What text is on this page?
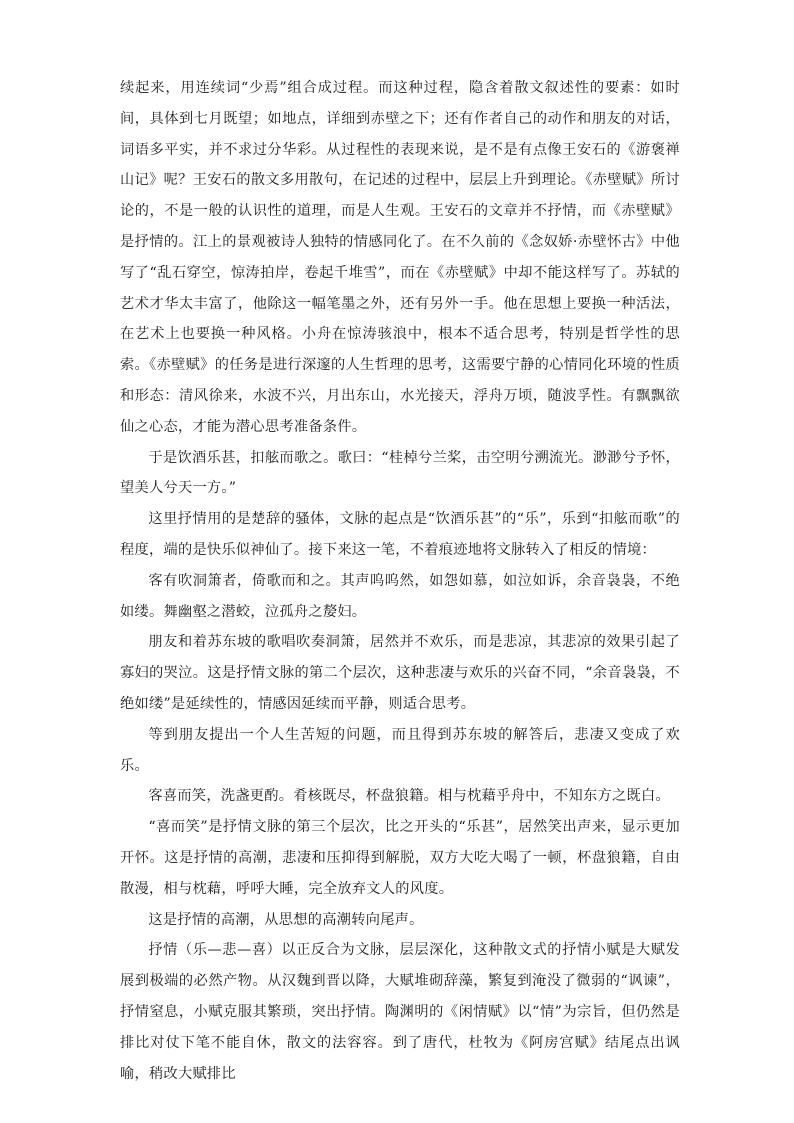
续起来，用连续词“少焉”组合成过程。而这种过程，隐含着散文叙述性的要素：如时间，具体到七月既望；如地点，详细到赤壁之下；还有作者自己的动作和朋友的对话，词语多平实，并不求过分华彩。从过程性的表现来说，是不是有点像王安石的《游褒禅山记》呢？王安石的散文多用散句，在记述的过程中，层层上升到理论。《赤壁赋》所讨论的，不是一般的认识性的道理，而是人生观。王安石的文章并不抒情，而《赤壁赋》是抒情的。江上的景观被诗人独特的情感同化了。在不久前的《念奴娇·赤壁怀古》中他写了“乱石穿空，惊涛拍岸，卷起千堆雪”，而在《赤壁赋》中却不能这样写了。苏轼的艺术才华太丰富了，他除这一幅笔墨之外，还有另外一手。他在思想上要换一种活法，在艺术上也要换一种风格。小舟在惊涛骇浪中，根本不适合思考，特别是哲学性的思索。《赤壁赋》的任务是进行深邃的人生哲理的思考，这需要宁静的心情同化环境的性质和形态：清风徐来，水波不兴，月出东山，水光接天，浮舟万顷，随波孚性。有飘飘欲仙之心态，才能为潜心思考准备条件。

于是饮酒乐甚，扣舷而歌之。歌曰：“桂棹兮兰桨，击空明兮溯流光。渺渺兮予怀，望美人兮天一方。”

这里抒情用的是楚辞的骚体，文脉的起点是“饮酒乐甚”的“乐”，乐到“扣舷而歌”的程度，端的是快乐似神仙了。接下来这一笔，不着痕迹地将文脉转入了相反的情境：

客有吹洞箫者，倚歌而和之。其声呜呜然，如怨如慕，如泣如诉，余音袅袅，不绝如缕。舞幽壑之潜蛟，泣孤舟之嫠妇。

朋友和着苏东坡的歌唱吹奏洞箫，居然并不欢乐，而是悲凉，其悲凉的效果引起了寡妇的哭泣。这是抒情文脉的第二个层次，这种悲凄与欢乐的兴奋不同，“余音袅袅，不绝如缕”是延续性的，情感因延续而平静，则适合思考。

等到朋友提出一个人生苦短的问题，而且得到苏东坡的解答后，悲凄又变成了欢乐。

客喜而笑，洗盏更酌。肴核既尽，杯盘狼籍。相与枕藉乎舟中，不知东方之既白。

“喜而笑”是抒情文脉的第三个层次，比之开头的“乐甚”，居然笑出声来，显示更加开怀。这是抒情的高潮，悲凄和压抑得到解脱，双方大吃大喝了一顿，杯盘狼籍，自由散漫，相与枕藉，呼呼大睡，完全放弃文人的风度。

这是抒情的高潮，从思想的高潮转向尾声。

抒情（乐—悲—喜）以正反合为文脉，层层深化，这种散文式的抒情小赋是大赋发展到极端的必然产物。从汉魏到晋以降，大赋堆砌辞藻，繁复到淹没了微弱的“讽谏”，抒情窒息，小赋克服其繁琐，突出抒情。陶渊明的《闲情赋》以“情”为宗旨，但仍然是排比对仗下笔不能自休，散文的法容容。到了唐代，杜牧为《阿房宫赋》结尾点出讽喻，稍改大赋排比
